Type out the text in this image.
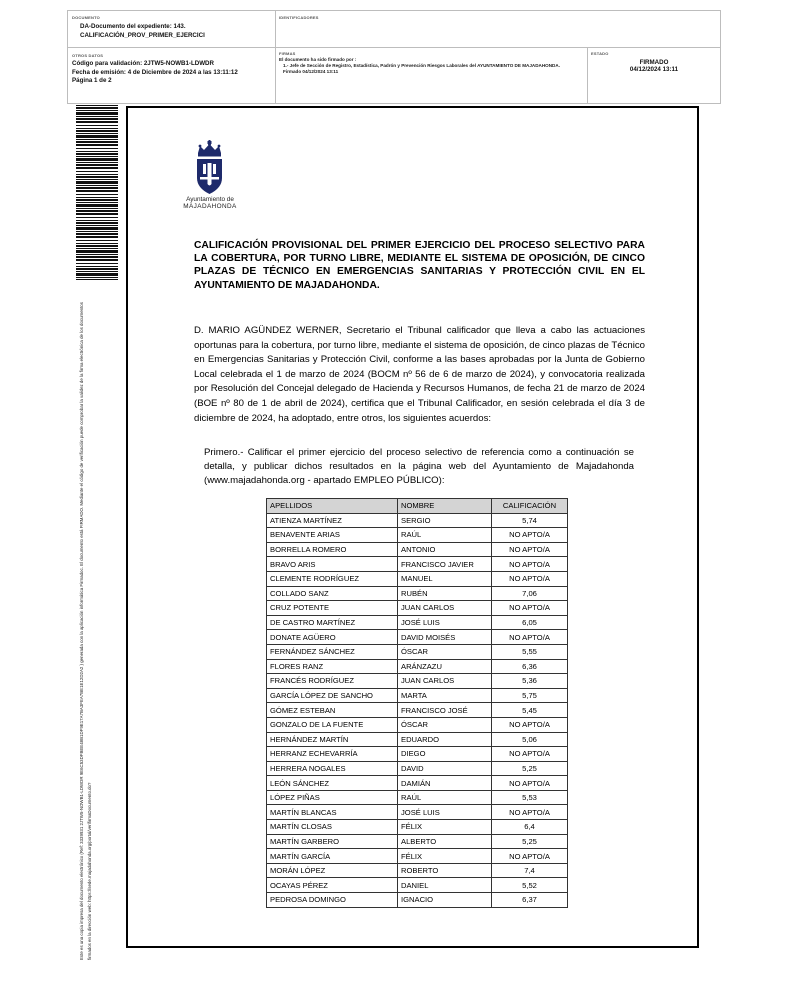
DOCUMENTO
DA-Documento del expediente: 143.
CALIFICACIÓN_PROV_PRIMER_EJERCICI
IDENTIFICADORES
OTROS DATOS
Código para validación: 2JTW5-NOWB1-LDWDR
Fecha de emisión: 4 de Diciembre de 2024 a las 13:11:12
Página 1 de 2
FIRMAS
El documento ha sido firmado por :
1.- Jefe de Sección de Registro, Estadística, Padrón y Prevención Riesgos Laborales del AYUNTAMIENTO DE MAJADAHONDA. Firmado 04/12/2024 13:11
ESTADO
FIRMADO
04/12/2024 13:11
Este es una copia impresa del documento electrónico (Ref: 3339931 2JTW5-NOWB1-LDWDR 9E6C53DFBEE48B1DF9E17A7BA3FEA7BE1E12D2A2 ) generada con la aplicación informática Firmadoc. El documento está FIRMADO. Mediante el código de verificación puede comprobar la validez de la firma electrónica de los documentos firmados en la dirección web: https://sede.majadahonda.org/portal/verifirmaDocumento.do?
Ayuntamiento de
MAJADAHONDA
CALIFICACIÓN PROVISIONAL DEL PRIMER EJERCICIO DEL PROCESO SELECTIVO PARA LA COBERTURA, POR TURNO LIBRE, MEDIANTE EL SISTEMA DE OPOSICIÓN, DE CINCO PLAZAS DE TÉCNICO EN EMERGENCIAS SANITARIAS Y PROTECCIÓN CIVIL EN EL AYUNTAMIENTO DE MAJADAHONDA.
D. MARIO AGÜNDEZ WERNER, Secretario el Tribunal calificador que lleva a cabo las actuaciones oportunas para la cobertura, por turno libre, mediante el sistema de oposición, de cinco plazas de Técnico en Emergencias Sanitarias y Protección Civil, conforme a las bases aprobadas por la Junta de Gobierno Local celebrada el 1 de marzo de 2024 (BOCM nº 56 de 6 de marzo de 2024), y convocatoria realizada por Resolución del Concejal delegado de Hacienda y Recursos Humanos, de fecha 21 de marzo de 2024 (BOE nº 80 de 1 de abril de 2024), certifica que el Tribunal Calificador, en sesión celebrada el día 3 de diciembre de 2024, ha adoptado, entre otros, los siguientes acuerdos:
Primero.- Calificar el primer ejercicio del proceso selectivo de referencia como a continuación se detalla, y publicar dichos resultados en la página web del Ayuntamiento de Majadahonda (www.majadahonda.org - apartado EMPLEO PÚBLICO):
APELLIDOS	NOMBRE	CALIFICACIÓN
ATIENZA MARTÍNEZ	SERGIO	5,74
BENAVENTE ARIAS	RAÚL	NO APTO/A
BORRELLA ROMERO	ANTONIO	NO APTO/A
BRAVO ARIS	FRANCISCO JAVIER	NO APTO/A
CLEMENTE RODRÍGUEZ	MANUEL	NO APTO/A
COLLADO SANZ	RUBÉN	7,06
CRUZ POTENTE	JUAN CARLOS	NO APTO/A
DE CASTRO MARTÍNEZ	JOSÉ LUIS	6,05
DONATE AGÜERO	DAVID MOISÉS	NO APTO/A
FERNÁNDEZ SÁNCHEZ	ÓSCAR	5,55
FLORES RANZ	ARÁNZAZU	6,36
FRANCÉS RODRÍGUEZ	JUAN CARLOS	5,36
GARCÍA LÓPEZ DE SANCHO	MARTA	5,75
GÓMEZ ESTEBAN	FRANCISCO JOSÉ	5,45
GONZALO DE LA FUENTE	ÓSCAR	NO APTO/A
HERNÁNDEZ MARTÍN	EDUARDO	5,06
HERRANZ ECHEVARRÍA	DIEGO	NO APTO/A
HERRERA NOGALES	DAVID	5,25
LEÓN SÁNCHEZ	DAMIÁN	NO APTO/A
LÓPEZ PIÑAS	RAÚL	5,53
MARTÍN BLANCAS	JOSÉ LUIS	NO APTO/A
MARTÍN CLOSAS	FÉLIX	6,4
MARTÍN GARBERO	ALBERTO	5,25
MARTÍN GARCÍA	FÉLIX	NO APTO/A
MORÁN LÓPEZ	ROBERTO	7,4
OCAYAS PÉREZ	DANIEL	5,52
PEDROSA DOMINGO	IGNACIO	6,37
